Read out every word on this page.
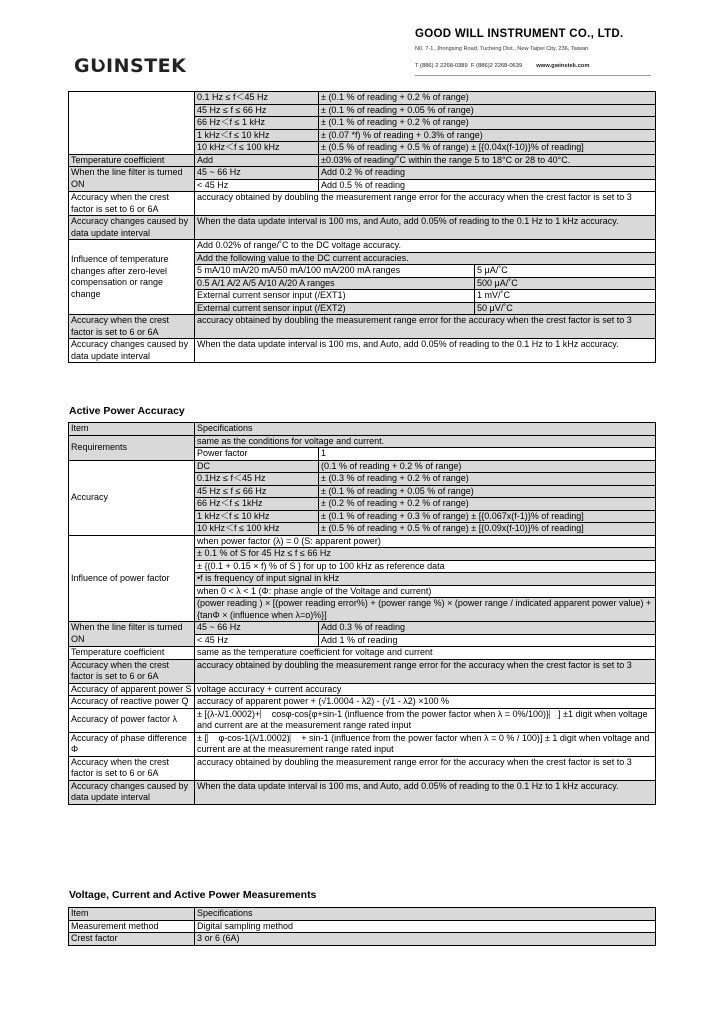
GƲINSTEK
GOOD WILL INSTRUMENT CO., LTD.
N0. 7-1, Jhongsing Road, Tucheng Dist., New Taipei City, 236, Taiwan
T (886) 2 2268-0389 F (886)2 2268-0639 www.gwinstek.com
	0.1 Hz ≤ f＜45 Hz	± (0.1 % of reading + 0.2 % of range)	
	45 Hz ≤ f ≤ 66 Hz	± (0.1 % of reading + 0.05 % of range)	
	66 Hz＜f ≤ 1 kHz	± (0.1 % of reading + 0.2 % of range)	
	1 kHz＜f ≤ 10 kHz	± (0.07 *f) % of reading + 0.3% of range)	
	10 kHz＜f ≤ 100 kHz	± (0.5 % of reading + 0.5 % of range) ± [{0.04x(f-10)}% of reading]	
Temperature coefficient	Add	±0.03% of reading/˚C within the range 5 to 18°C or 28 to 40°C.	
When the line filter is turned ON	45 ~ 66 Hz	Add 0.2 % of reading	
	< 45 Hz	Add 0.5 % of reading	
Accuracy when the crest factor is set to 6 or 6A	accuracy obtained by doubling the measurement range error for the accuracy when the crest factor is set to 3		
Accuracy changes caused by data update interval	When the data update interval is 100 ms, and Auto, add 0.05% of reading to the 0.1 Hz to 1 kHz accuracy.		
Influence of temperature changes after zero-level compensation or range change	Add 0.02% of range/˚C to the DC voltage accuracy.		
	Add the following value to the DC current accuracies.		
	5 mA/10 mA/20 mA/50 mA/100 mA/200 mA ranges		5 μA/˚C
	0.5 A/1 A/2 A/5 A/10 A/20 A ranges		500 μA/˚C
	External current sensor input (/EXT1)		1 mV/˚C
	External current sensor input (/EXT2)		50 μV/˚C
Accuracy when the crest factor is set to 6 or 6A	accuracy obtained by doubling the measurement range error for the accuracy when the crest factor is set to 3		
Accuracy changes caused by data update interval	When the data update interval is 100 ms, and Auto, add 0.05% of reading to the 0.1 Hz to 1 kHz accuracy.		
Active Power Accuracy
Item	Specifications	
Requirements	same as the conditions for voltage and current.	
	Power factor	1
Accuracy	DC	(0.1 % of reading + 0.2 % of range)
	0.1Hz ≤ f＜45 Hz	± (0.3 % of reading + 0.2 % of range)
	45 Hz ≤ f ≤ 66 Hz	± (0.1 % of reading + 0.05 % of range)
	66 Hz＜f ≤ 1kHz	± (0.2 % of reading + 0.2 % of range)
	1 kHz＜f ≤ 10 kHz	± (0.1 % of reading + 0.3 % of range) ± [{0.067x(f-1)}% of reading]
	10 kHz＜f ≤ 100 kHz	± (0.5 % of reading + 0.5 % of range) ± [{0.09x(f-10)}% of reading]
Influence of power factor	when power factor (λ) = 0 (S: apparent power)	
	± 0.1 % of S for 45 Hz ≤ f ≤ 66 Hz	
	± {(0.1 + 0.15 × f) % of S } for up to 100 kHz as reference data	
	•f is frequency of input signal in kHz	
	when 0 < λ < 1 (Φ: phase angle of the Voltage and current)	
	(power reading ) × [(power reading error%) + (power range %) × (power range / indicated apparent power value) + {tanΦ × (influence when λ=o)%}]	
When the line filter is turned ON	45 ~ 66 Hz	Add 0.3 % of reading
	< 45 Hz	Add 1 % of reading
Temperature coefficient	same as the temperature coefficient for voltage and current	
Accuracy when the crest factor is set to 6 or 6A	accuracy obtained by doubling the measurement range error for the accuracy when the crest factor is set to 3	
Accuracy of apparent power S	voltage accuracy + current accuracy	
Accuracy of reactive power Q	accuracy of apparent power + (√1.0004 - λ2) - (√1 - λ2) ×100 %	
Accuracy of power factor λ	± [(λ-λ/1.0002)+⎸ cosφ-cos{φ+sin-1 (influence from the power factor when λ = 0%/100)}⎸] ±1 digit when voltage and current are at the measurement range rated input	
Accuracy of phase difference Φ	± [⎸ φ-cos-1(λ/1.0002)⎸ + sin-1 (influence from the power factor when λ = 0 % / 100)] ± 1 digit when voltage and current are at the measurement range rated input	
Accuracy when the crest factor is set to 6 or 6A	accuracy obtained by doubling the measurement range error for the accuracy when the crest factor is set to 3	
Accuracy changes caused by data update interval	When the data update interval is 100 ms, and Auto, add 0.05% of reading to the 0.1 Hz to 1 kHz accuracy.	
Voltage, Current and Active Power Measurements
Item	Specifications
Measurement method	Digital sampling method
Crest factor	3 or 6 (6A)
